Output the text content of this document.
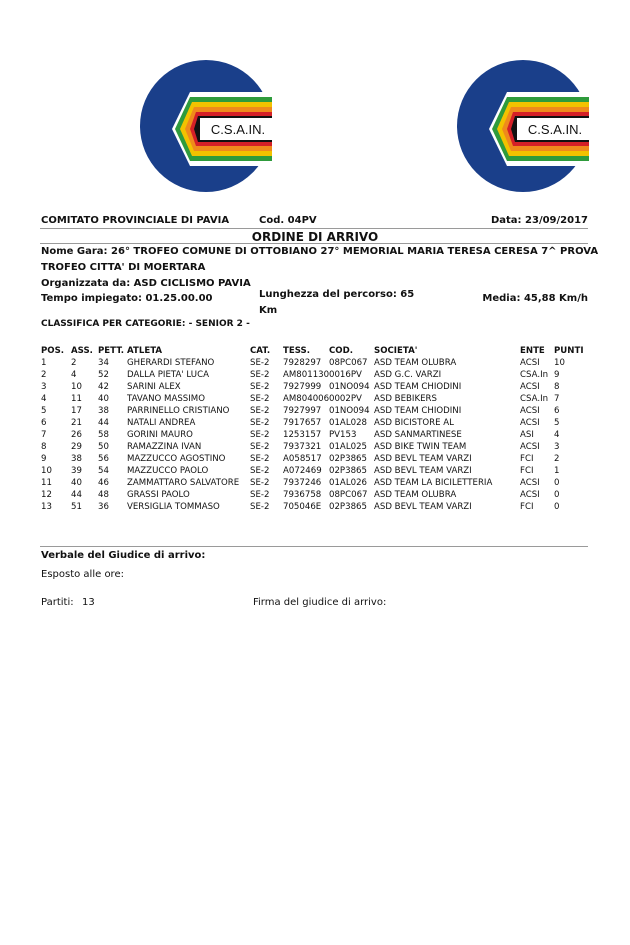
C.S.A.IN.	C.S.A.IN.
COMITATO PROVINCIALE DI PAVIA	Cod. 04PV	Data: 23/09/2017
ORDINE DI ARRIVO
Nome Gara: 26° TROFEO COMUNE DI OTTOBIANO 27° MEMORIAL MARIA TERESA CERESA 7^ PROVA
TROFEO CITTA' DI MOERTARA
Organizzata da: ASD CICLISMO PAVIA
Tempo impiegato: 01.25.00.00	Lunghezza del percorso: 65
Km
Media: 45,88 Km/h
CLASSIFICA PER CATEGORIE: - SENIOR 2 -
POS.	ASS.	PETT.	ATLETA	CAT.	TESS.	COD.	SOCIETA'	ENTE	PUNTI
1	2	34	GHERARDI STEFANO	SE-2	7928297	08PC067	ASD TEAM OLUBRA	ACSI	10
2	4	52	DALLA PIETA' LUCA	SE-2	AM801130	0016PV	ASD G.C. VARZI	CSA.In	9
3	10	42	SARINI ALEX	SE-2	7927999	01NO094	ASD TEAM CHIODINI	ACSI	8
4	11	40	TAVANO MASSIMO	SE-2	AM804006	0002PV	ASD BEBIKERS	CSA.In	7
5	17	38	PARRINELLO CRISTIANO	SE-2	7927997	01NO094	ASD TEAM CHIODINI	ACSI	6
6	21	44	NATALI ANDREA	SE-2	7917657	01AL028	ASD BICISTORE AL	ACSI	5
7	26	58	GORINI MAURO	SE-2	1253157	PV153	ASD SANMARTINESE	ASI	4
8	29	50	RAMAZZINA IVAN	SE-2	7937321	01AL025	ASD BIKE TWIN TEAM	ACSI	3
9	38	56	MAZZUCCO AGOSTINO	SE-2	A058517	02P3865	ASD BEVL TEAM VARZI	FCI	2
10	39	54	MAZZUCCO PAOLO	SE-2	A072469	02P3865	ASD BEVL TEAM VARZI	FCI	1
11	40	46	ZAMMATTARO SALVATORE	SE-2	7937246	01AL026	ASD TEAM LA BICILETTERIA	ACSI	0
12	44	48	GRASSI PAOLO	SE-2	7936758	08PC067	ASD TEAM OLUBRA	ACSI	0
13	51	36	VERSIGLIA TOMMASO	SE-2	705046E	02P3865	ASD BEVL TEAM VARZI	FCI	0
Verbale del Giudice di arrivo:
Esposto alle ore:
Partiti: 13	Firma del giudice di arrivo:
